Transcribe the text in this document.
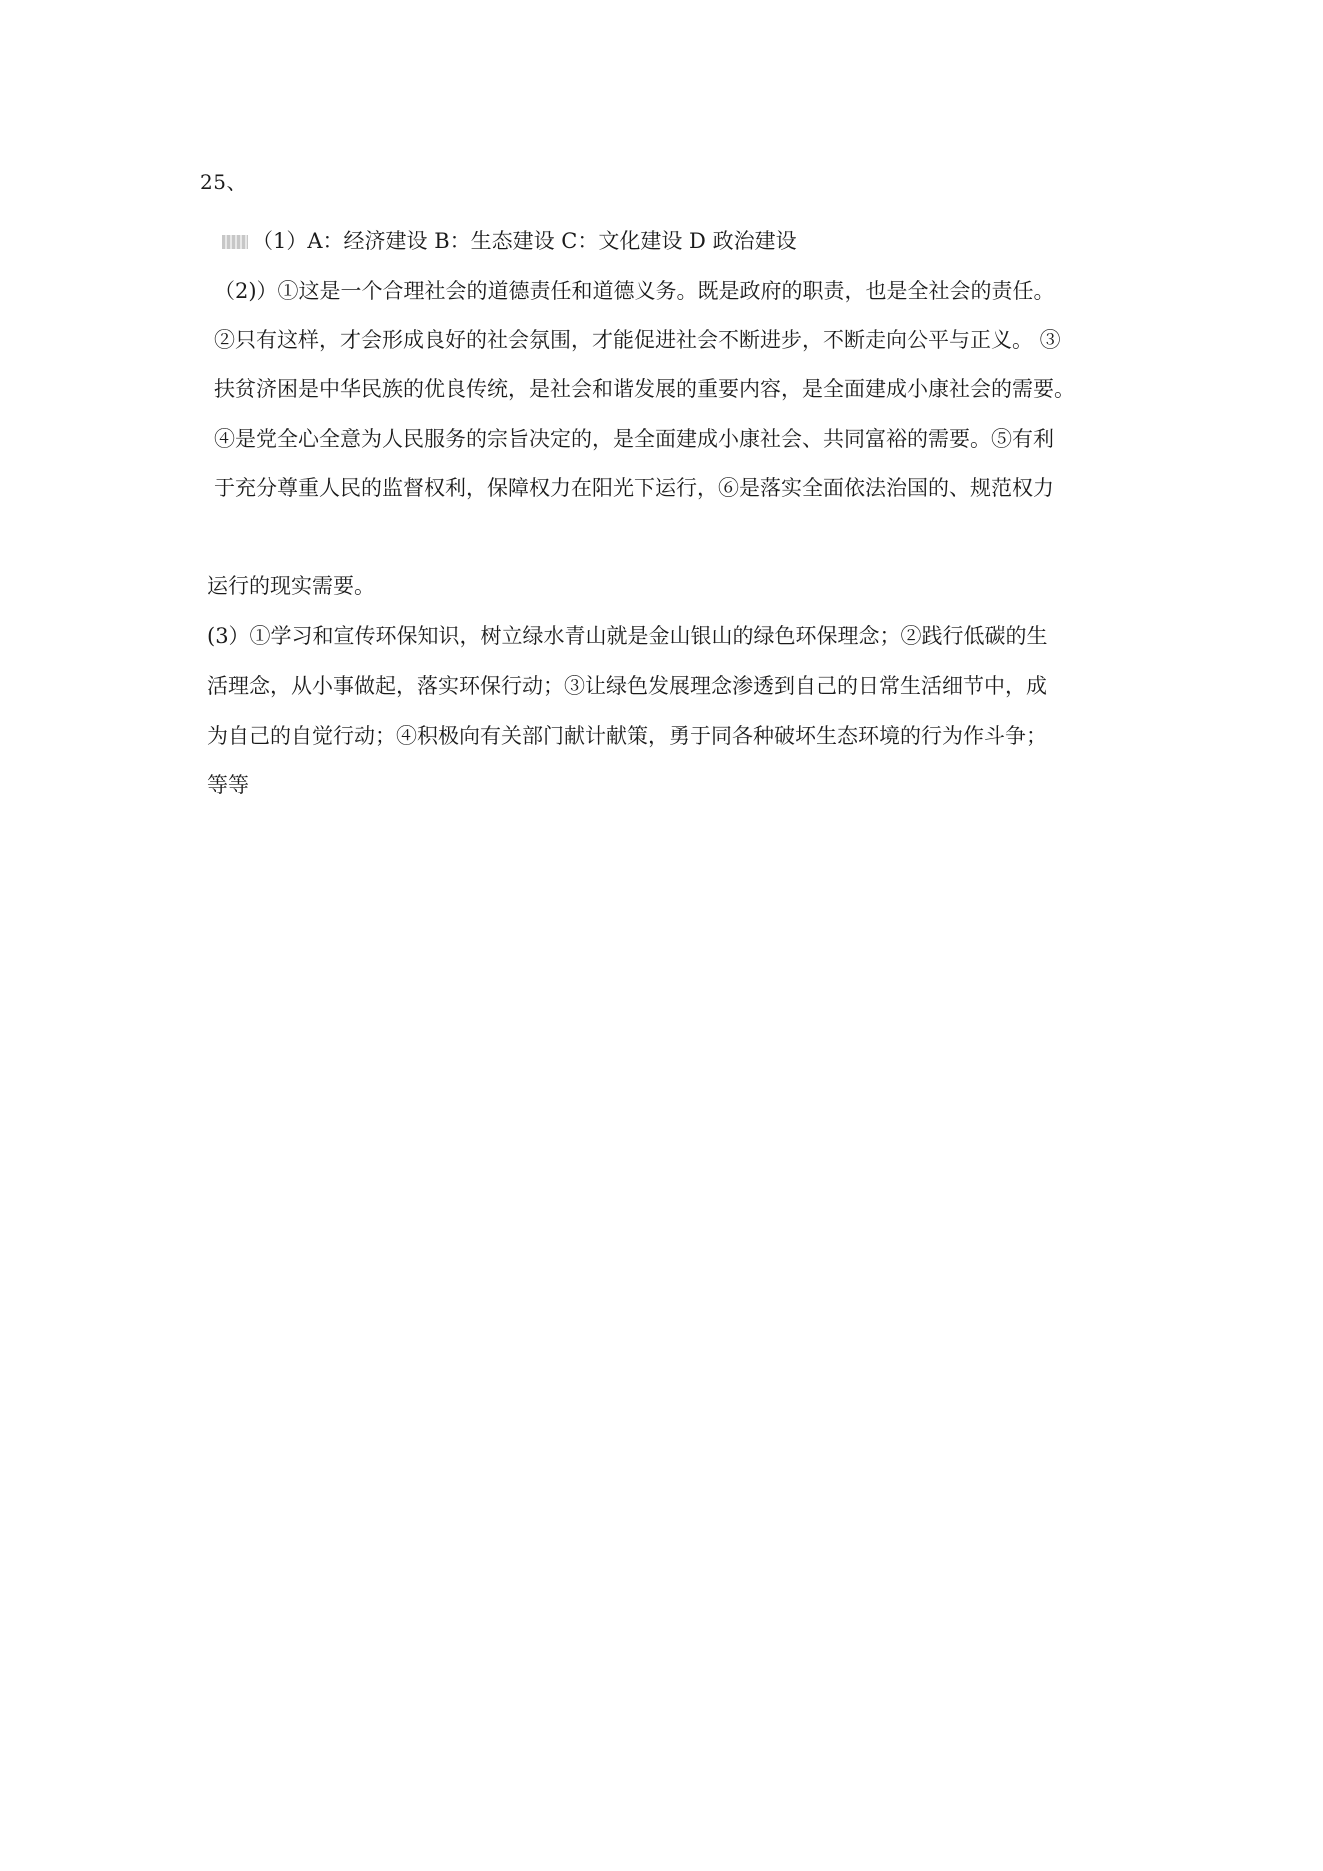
25、
（1）A：经济建设 B：生态建设 C：文化建设 D 政治建设
（2)）①这是一个合理社会的道德责任和道德义务。既是政府的职责，也是全社会的责任。
②只有这样，才会形成良好的社会氛围，才能促进社会不断进步，不断走向公平与正义。 ③
扶贫济困是中华民族的优良传统，是社会和谐发展的重要内容，是全面建成小康社会的需要。
④是党全心全意为人民服务的宗旨决定的，是全面建成小康社会、共同富裕的需要。⑤有利
于充分尊重人民的监督权利，保障权力在阳光下运行，⑥是落实全面依法治国的、规范权力
运行的现实需要。
(3）①学习和宣传环保知识，树立绿水青山就是金山银山的绿色环保理念；②践行低碳的生
活理念，从小事做起，落实环保行动；③让绿色发展理念渗透到自己的日常生活细节中，成
为自己的自觉行动；④积极向有关部门献计献策，勇于同各种破坏生态环境的行为作斗争；
等等
